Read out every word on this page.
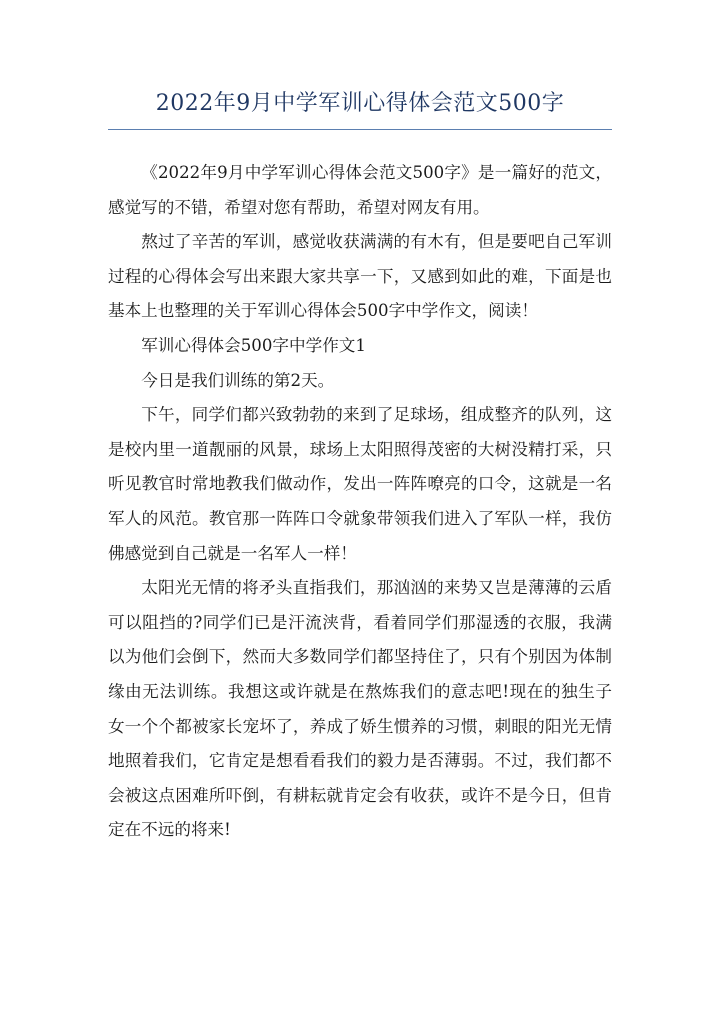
2022年9月中学军训心得体会范文500字

《2022年9月中学军训心得体会范文500字》是一篇好的范文，感觉写的不错，希望对您有帮助，希望对网友有用。

熬过了辛苦的军训，感觉收获满满的有木有，但是要吧自己军训过程的心得体会写出来跟大家共享一下，又感到如此的难，下面是也基本上也整理的关于军训心得体会500字中学作文，阅读！

军训心得体会500字中学作文1

今日是我们训练的第2天。

下午，同学们都兴致勃勃的来到了足球场，组成整齐的队列，这是校内里一道靓丽的风景，球场上太阳照得茂密的大树没精打采，只听见教官时常地教我们做动作，发出一阵阵嘹亮的口令，这就是一名军人的风范。教官那一阵阵口令就象带领我们进入了军队一样，我仿佛感觉到自己就是一名军人一样！

太阳光无情的将矛头直指我们，那汹汹的来势又岂是薄薄的云盾可以阻挡的?同学们已是汗流浃背，看着同学们那湿透的衣服，我满以为他们会倒下，然而大多数同学们都坚持住了，只有个别因为体制缘由无法训练。我想这或许就是在熬炼我们的意志吧!现在的独生子女一个个都被家长宠坏了，养成了娇生惯养的习惯，刺眼的阳光无情地照着我们，它肯定是想看看我们的毅力是否薄弱。不过，我们都不会被这点困难所吓倒，有耕耘就肯定会有收获，或许不是今日，但肯定在不远的将来!
